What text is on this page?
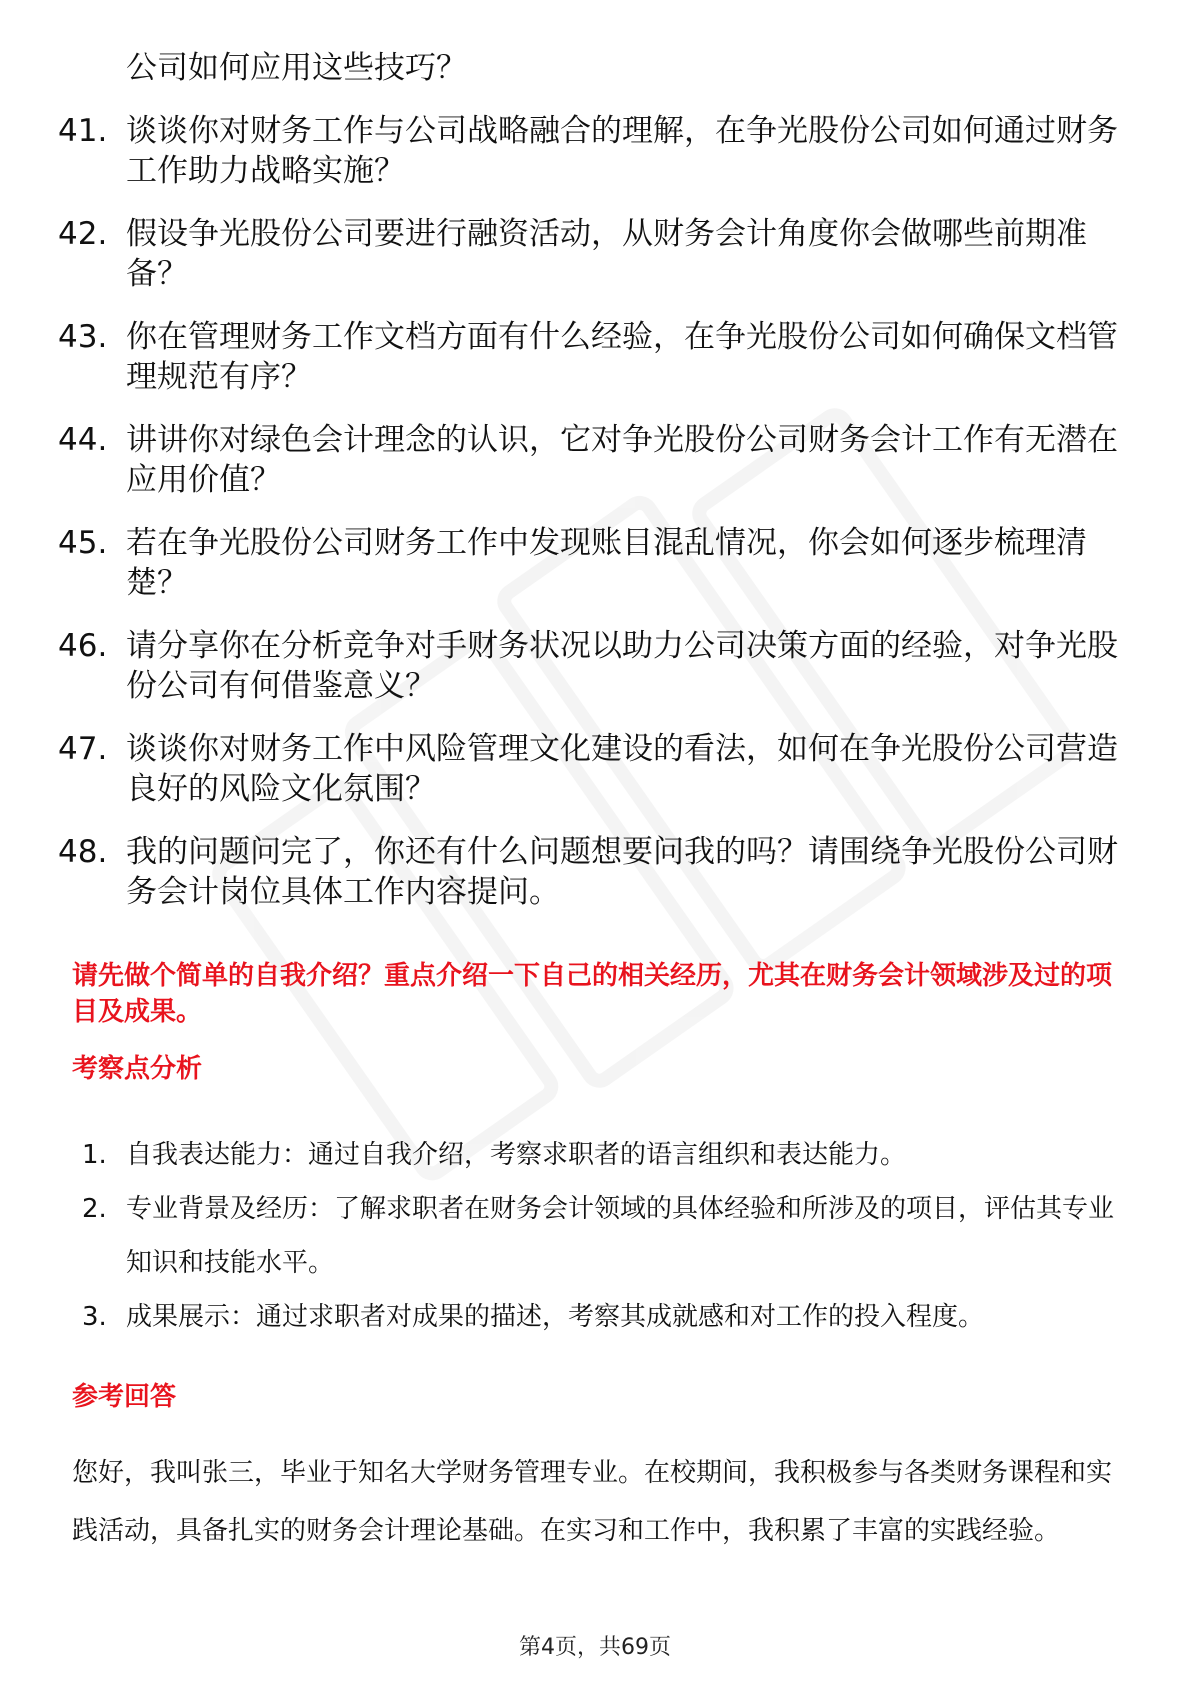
公司如何应用这些技巧？
41. 谈谈你对财务工作与公司战略融合的理解，在争光股份公司如何通过财务工作助力战略实施？
42. 假设争光股份公司要进行融资活动，从财务会计角度你会做哪些前期准备？
43. 你在管理财务工作文档方面有什么经验，在争光股份公司如何确保文档管理规范有序？
44. 讲讲你对绿色会计理念的认识，它对争光股份公司财务会计工作有无潜在应用价值？
45. 若在争光股份公司财务工作中发现账目混乱情况，你会如何逐步梳理清楚？
46. 请分享你在分析竞争对手财务状况以助力公司决策方面的经验，对争光股份公司有何借鉴意义？
47. 谈谈你对财务工作中风险管理文化建设的看法，如何在争光股份公司营造良好的风险文化氛围？
48. 我的问题问完了，你还有什么问题想要问我的吗？请围绕争光股份公司财务会计岗位具体工作内容提问。
请先做个简单的自我介绍？重点介绍一下自己的相关经历，尤其在财务会计领域涉及过的项目及成果。
考察点分析
1. 自我表达能力：通过自我介绍，考察求职者的语言组织和表达能力。
2. 专业背景及经历：了解求职者在财务会计领域的具体经验和所涉及的项目，评估其专业知识和技能水平。
3. 成果展示：通过求职者对成果的描述，考察其成就感和对工作的投入程度。
参考回答
您好，我叫张三，毕业于知名大学财务管理专业。在校期间，我积极参与各类财务课程和实践活动，具备扎实的财务会计理论基础。在实习和工作中，我积累了丰富的实践经验。
第4页，共69页
